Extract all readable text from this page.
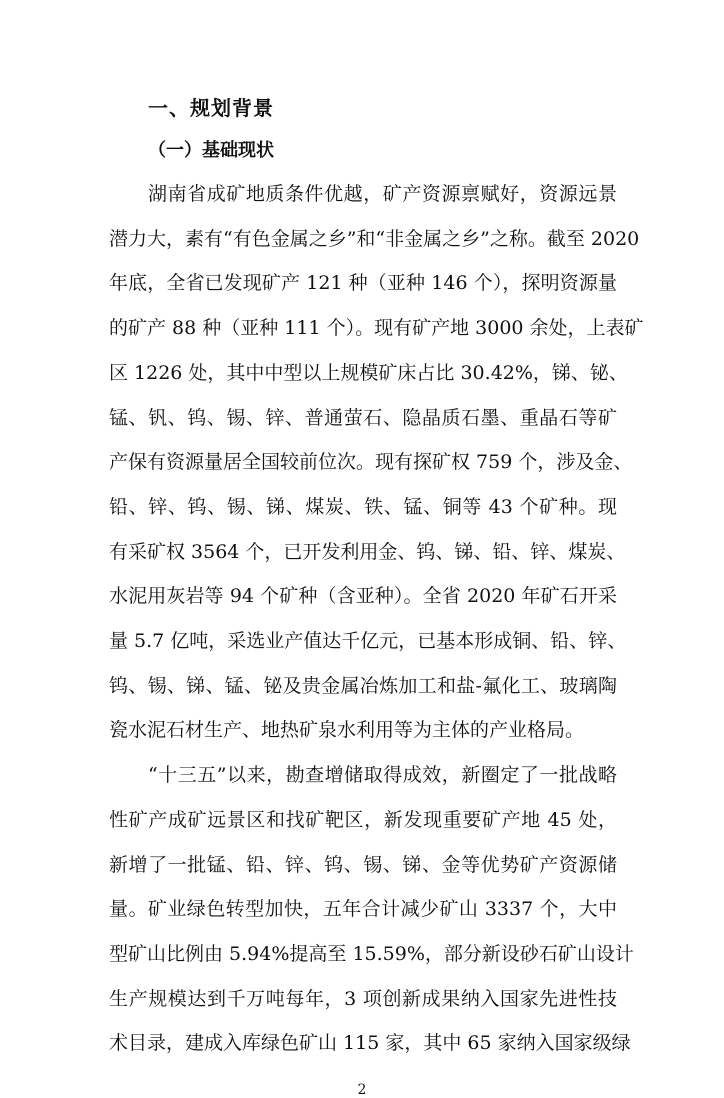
一、规划背景
（一）基础现状

2

湖南省成矿地质条件优越，矿产资源禀赋好，资源远景

潜力大，素有“有色金属之乡”和“非金属之乡”之称。截至 2020

年底，全省已发现矿产 121 种（亚种 146 个），探明资源量

的矿产 88 种（亚种 111 个）。现有矿产地 3000 余处，上表矿

区 1226 处，其中中型以上规模矿床占比 30.42%，锑、铋、

锰、钒、钨、锡、锌、普通萤石、隐晶质石墨、重晶石等矿

产保有资源量居全国较前位次。现有探矿权 759 个，涉及金、

铅、锌、钨、锡、锑、煤炭、铁、锰、铜等 43 个矿种。现

有采矿权 3564 个，已开发利用金、钨、锑、铅、锌、煤炭、

水泥用灰岩等 94 个矿种（含亚种）。全省 2020 年矿石开采

量 5.7 亿吨，采选业产值达千亿元，已基本形成铜、铅、锌、

钨、锡、锑、锰、铋及贵金属冶炼加工和盐-氟化工、玻璃陶

瓷水泥石材生产、地热矿泉水利用等为主体的产业格局。

“十三五”以来，勘查增储取得成效，新圈定了一批战略

性矿产成矿远景区和找矿靶区，新发现重要矿产地 45 处，

新增了一批锰、铅、锌、钨、锡、锑、金等优势矿产资源储

量。矿业绿色转型加快，五年合计减少矿山 3337 个，大中

型矿山比例由 5.94%提高至 15.59%，部分新设砂石矿山设计

生产规模达到千万吨每年，3 项创新成果纳入国家先进性技

术目录，建成入库绿色矿山 115 家，其中 65 家纳入国家级绿
